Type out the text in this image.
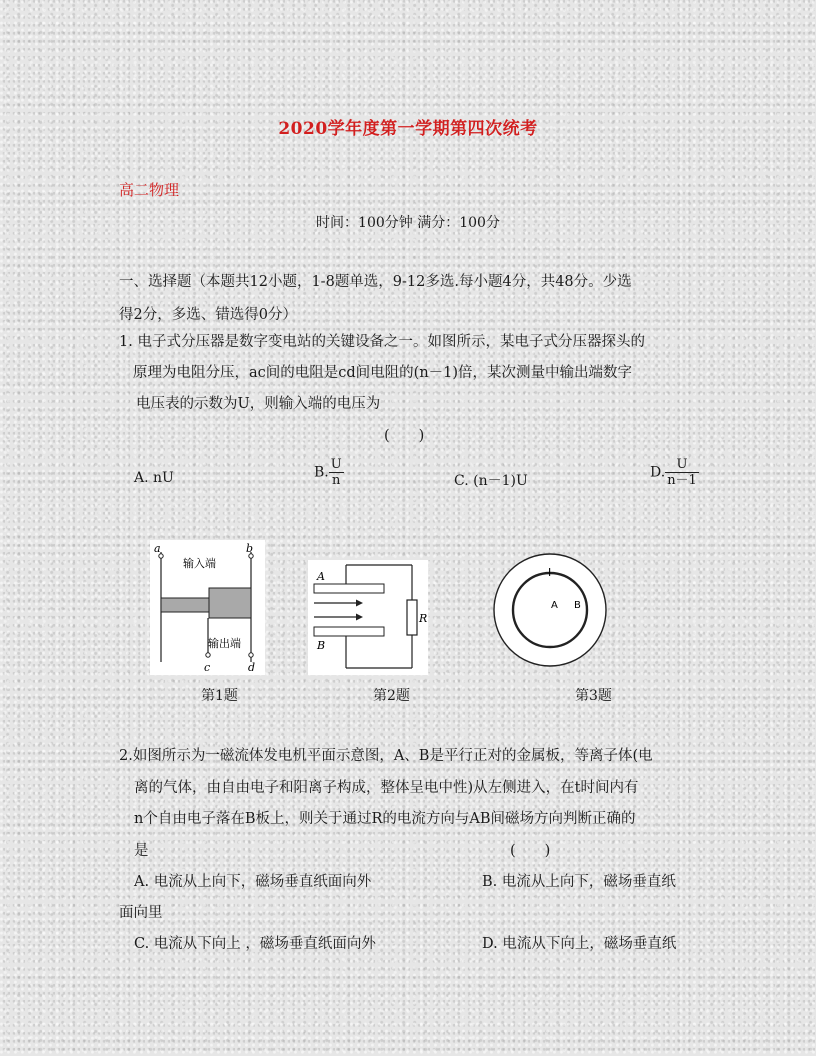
2020学年度第一学期第四次统考
高二物理
时间：100分钟 满分：100分
一、选择题（本题共12小题，1-8题单选，9-12多选.每小题4分，共48分。少选
得2分，多选、错选得0分）
1. 电子式分压器是数字变电站的关键设备之一。如图所示，某电子式分压器探头的
原理为电阻分压，ac间的电阻是cd间电阻的(n－1)倍，某次测量中输出端数字
电压表的示数为U，则输入端的电压为
(　　)
A. nU	B. $\frac{U}{n}$	C. (n－1)U
D. $\frac{U}{n-1}$
a	b
c	d
输入端
输出端
第1题
A
B
R
第2题
I
A B
第3题
2.如图所示为一磁流体发电机平面示意图，A、B是平行正对的金属板，等离子体(电
离的气体，由自由电子和阳离子构成，整体呈电中性)从左侧进入，在t时间内有
n个自由电子落在B板上，则关于通过R的电流方向与AB间磁场方向判断正确的
是	(　　)
A. 电流从上向下，磁场垂直纸面向外	B. 电流从上向下，磁场垂直纸
面向里
C. 电流从下向上 ，磁场垂直纸面向外	D. 电流从下向上，磁场垂直纸
